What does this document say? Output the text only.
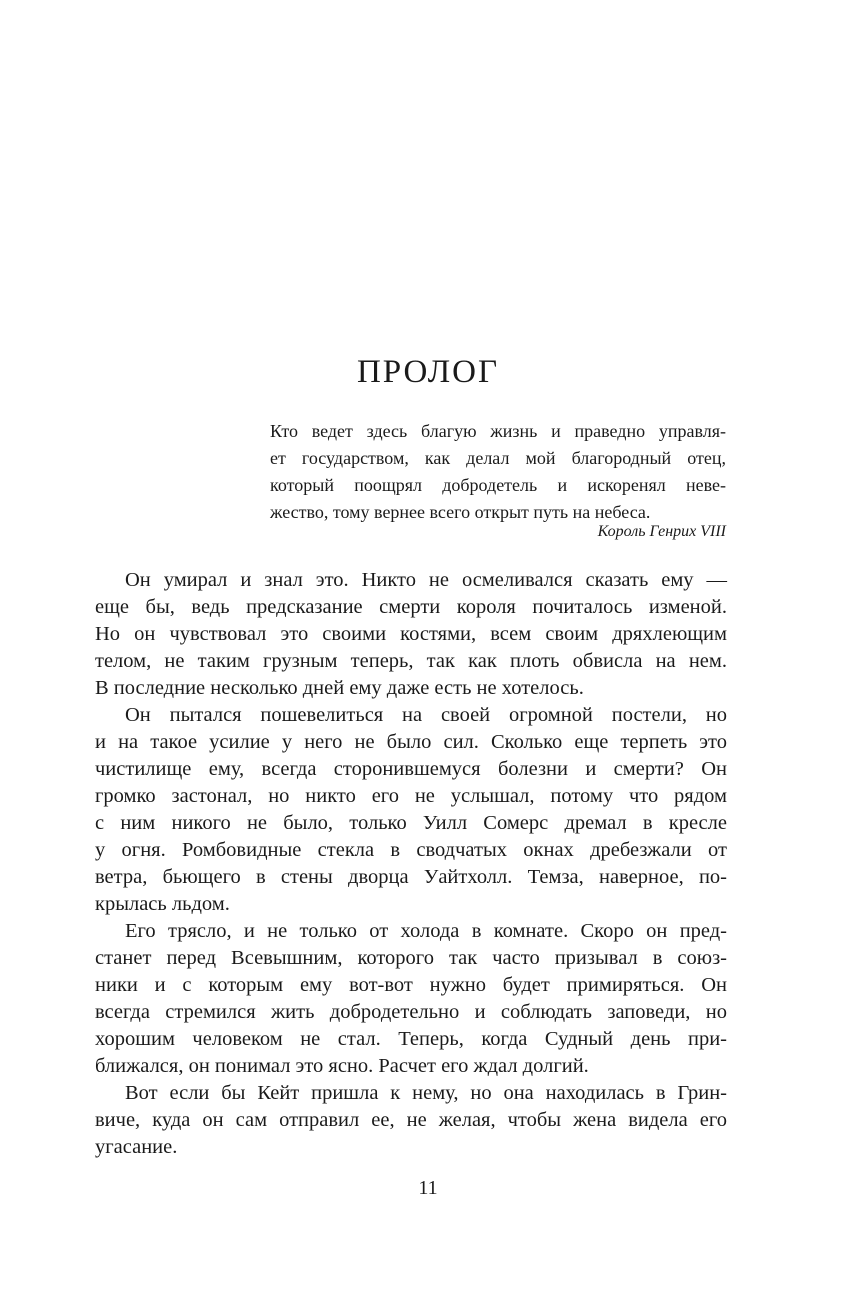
ПРОЛОГ
Кто ведет здесь благую жизнь и праведно управля-
ет государством, как делал мой благородный отец,
который поощрял добродетель и искоренял неве-
жество, тому вернее всего открыт путь на небеса.
Король Генрих VIII
Он умирал и знал это. Никто не осмеливался сказать ему —
еще бы, ведь предсказание смерти короля почиталось изменой.
Но он чувствовал это своими костями, всем своим дряхлеющим
телом, не таким грузным теперь, так как плоть обвисла на нем.
В последние несколько дней ему даже есть не хотелось.
Он пытался пошевелиться на своей огромной постели, но
и на такое усилие у него не было сил. Сколько еще терпеть это
чистилище ему, всегда сторонившемуся болезни и смерти? Он
громко застонал, но никто его не услышал, потому что рядом
с ним никого не было, только Уилл Сомерс дремал в кресле
у огня. Ромбовидные стекла в сводчатых окнах дребезжали от
ветра, бьющего в стены дворца Уайтхолл. Темза, наверное, по-
крылась льдом.
Его трясло, и не только от холода в комнате. Скоро он пред-
станет перед Всевышним, которого так часто призывал в союз-
ники и с которым ему вот-вот нужно будет примиряться. Он
всегда стремился жить добродетельно и соблюдать заповеди, но
хорошим человеком не стал. Теперь, когда Судный день при-
ближался, он понимал это ясно. Расчет его ждал долгий.
Вот если бы Кейт пришла к нему, но она находилась в Грин-
виче, куда он сам отправил ее, не желая, чтобы жена видела его
угасание.
11
